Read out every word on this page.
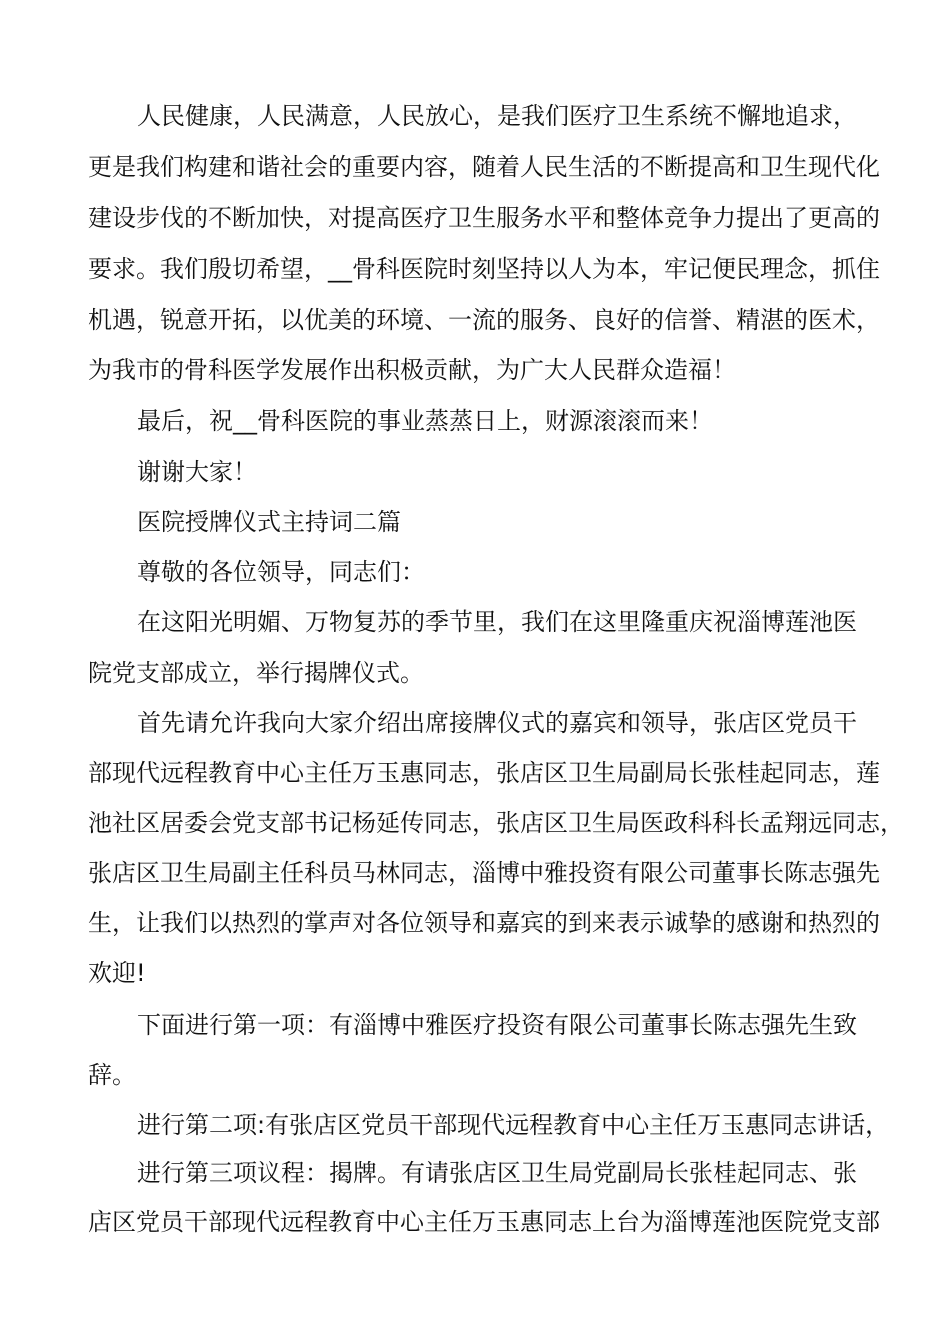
人民健康，人民满意，人民放心，是我们医疗卫生系统不懈地追求，
更是我们构建和谐社会的重要内容，随着人民生活的不断提高和卫生现代化
建设步伐的不断加快，对提高医疗卫生服务水平和整体竞争力提出了更高的
要求。我们殷切希望，__骨科医院时刻坚持以人为本，牢记便民理念，抓住
机遇，锐意开拓，以优美的环境、一流的服务、良好的信誉、精湛的医术，
为我市的骨科医学发展作出积极贡献，为广大人民群众造福！
最后，祝__骨科医院的事业蒸蒸日上，财源滚滚而来！
谢谢大家！
医院授牌仪式主持词二篇
尊敬的各位领导，同志们：
在这阳光明媚、万物复苏的季节里，我们在这里隆重庆祝淄博莲池医
院党支部成立，举行揭牌仪式。
首先请允许我向大家介绍出席接牌仪式的嘉宾和领导，张店区党员干
部现代远程教育中心主任万玉惠同志，张店区卫生局副局长张桂起同志，莲
池社区居委会党支部书记杨延传同志，张店区卫生局医政科科长孟翔远同志，
张店区卫生局副主任科员马林同志，淄博中雅投资有限公司董事长陈志强先
生，让我们以热烈的掌声对各位领导和嘉宾的到来表示诚挚的感谢和热烈的
欢迎!
下面进行第一项：有淄博中雅医疗投资有限公司董事长陈志强先生致
辞。
进行第二项:有张店区党员干部现代远程教育中心主任万玉惠同志讲话，
进行第三项议程：揭牌。有请张店区卫生局党副局长张桂起同志、张
店区党员干部现代远程教育中心主任万玉惠同志上台为淄博莲池医院党支部
